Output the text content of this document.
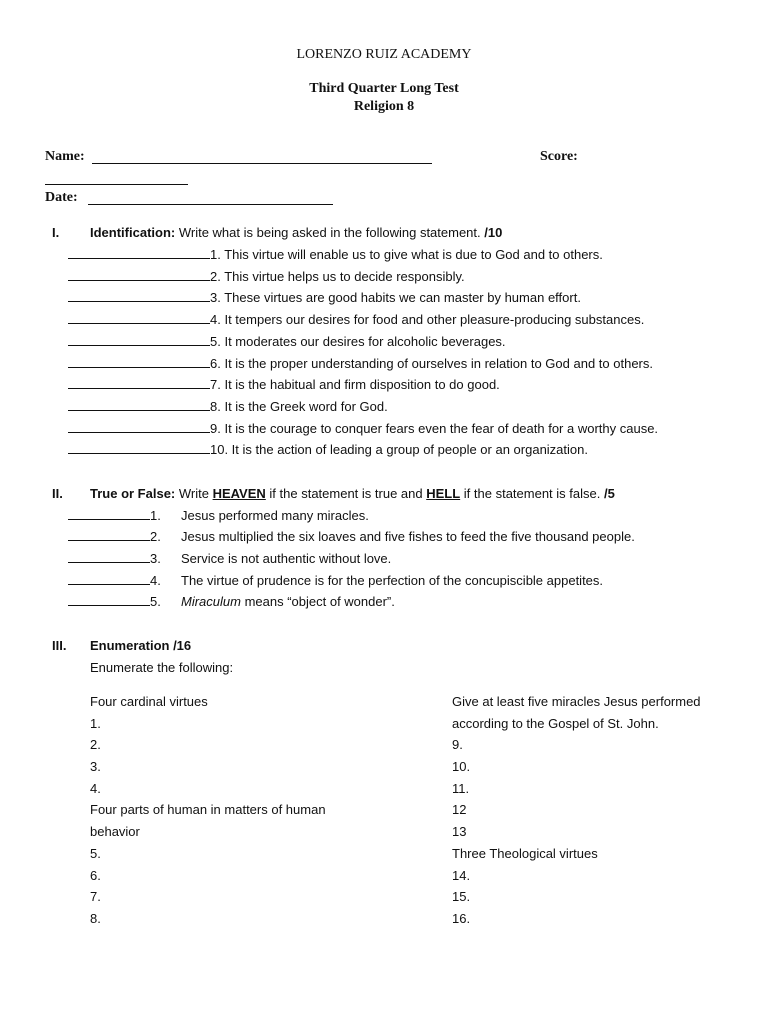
LORENZO RUIZ ACADEMY
Third Quarter Long Test
Religion 8
Name:	Score:
Date:
I. Identification: Write what is being asked in the following statement. /10
1. This virtue will enable us to give what is due to God and to others.
2. This virtue helps us to decide responsibly.
3. These virtues are good habits we can master by human effort.
4. It tempers our desires for food and other pleasure-producing substances.
5. It moderates our desires for alcoholic beverages.
6. It is the proper understanding of ourselves in relation to God and to others.
7. It is the habitual and firm disposition to do good.
8. It is the Greek word for God.
9. It is the courage to conquer fears even the fear of death for a worthy cause.
10. It is the action of leading a group of people or an organization.
II. True or False: Write HEAVEN if the statement is true and HELL if the statement is false. /5
1. Jesus performed many miracles.
2. Jesus multiplied the six loaves and five fishes to feed the five thousand people.
3. Service is not authentic without love.
4. The virtue of prudence is for the perfection of the concupiscible appetites.
5. Miraculum means “object of wonder”.
III. Enumeration /16
Enumerate the following:
Four cardinal virtues
1.
2.
3.
4.
Four parts of human in matters of human
behavior
5.
6.
7.
8.
Give at least five miracles Jesus performed
according to the Gospel of St. John.
9.
10.
11.
12
13
Three Theological virtues
14.
15.
16.
